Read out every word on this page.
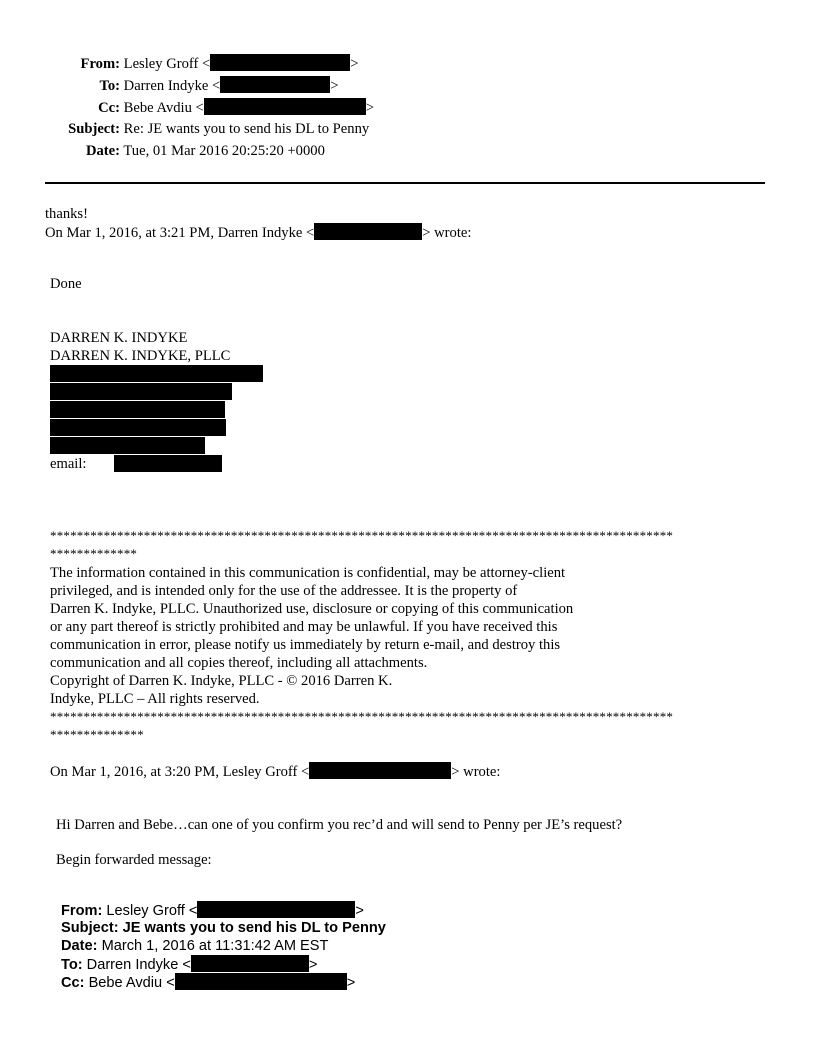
From: Lesley Groff <	>
To: Darren Indyke <	>
Cc: Bebe Avdiu <	>
Subject: Re: JE wants you to send his DL to Penny
Date: Tue, 01 Mar 2016 20:25:20 +0000
thanks!
On Mar 1, 2016, at 3:21 PM, Darren Indyke <	> wrote:
Done
DARREN K. INDYKE
DARREN K. INDYKE, PLLC
email:
*********************************************************************************************
*************
The information contained in this communication is confidential, may be attorney-client
privileged, and is intended only for the use of the addressee. It is the property of
Darren K. Indyke, PLLC. Unauthorized use, disclosure or copying of this communication
or any part thereof is strictly prohibited and may be unlawful. If you have received this
communication in error, please notify us immediately by return e-mail, and destroy this
communication and all copies thereof, including all attachments.
Copyright of Darren K. Indyke, PLLC - © 2016 Darren K.
Indyke, PLLC – All rights reserved.
*********************************************************************************************
**************
On Mar 1, 2016, at 3:20 PM, Lesley Groff <	> wrote:
Hi Darren and Bebe…can one of you confirm you rec’d and will send to Penny per JE’s request?
Begin forwarded message:
From: Lesley Groff <	>
Subject: JE wants you to send his DL to Penny
Date: March 1, 2016 at 11:31:42 AM EST
To: Darren Indyke <	>
Cc: Bebe Avdiu <	>
